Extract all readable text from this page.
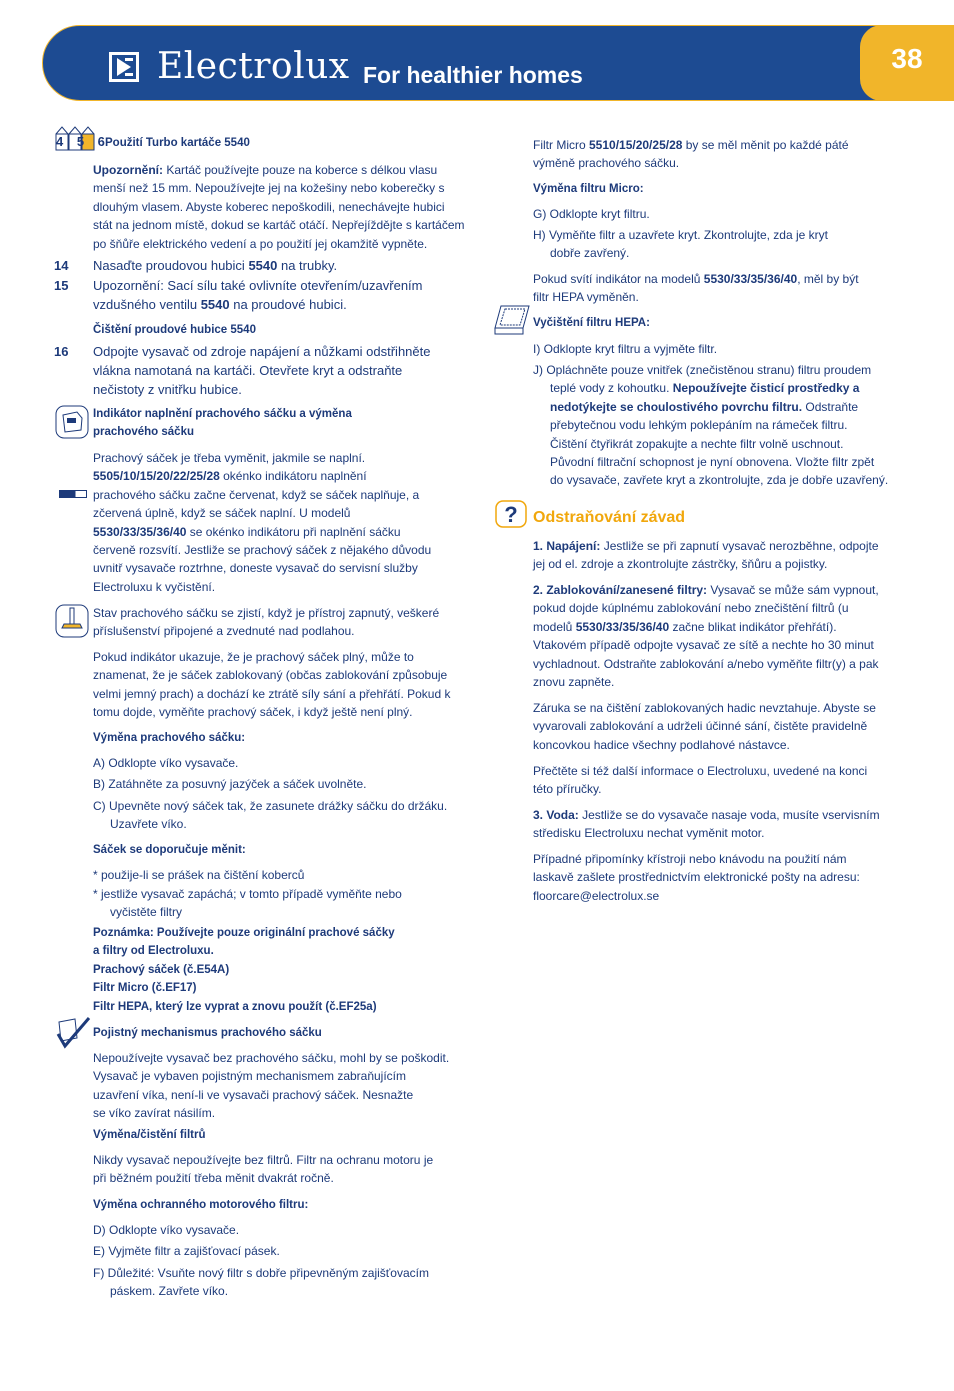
Electrolux For healthier homes
38
4 5 6

Použití Turbo kartáče 5540

Upozornění: Kartáč používejte pouze na koberce s délkou vlasu
menší než 15 mm. Nepoužívejte jej na kožešiny nebo koberečky s
dlouhým vlasem. Abyste koberec nepoškodili, nenechávejte hubici
stát na jednom místě, dokud se kartáč otáčí. Nepřejíždějte s kartáčem
po šňůře elektrického vedení a po použití jej okamžitě vypněte.

14 Nasaďte proudovou hubici 5540 na trubky.

15 Upozornění: Sací sílu také ovlivníte otevřením/uzavřením
vzdušného ventilu 5540 na proudové hubici.

Čištění proudové hubice 5540

16 Odpojte vysavač od zdroje napájení a nůžkami odstřihněte
vlákna namotaná na kartáči. Otevřete kryt a odstraňte
nečistoty z vnitřku hubice.

Indikátor naplnění prachového sáčku a výměna
prachového sáčku

Prachový sáček je třeba vyměnit, jakmile se naplní.
5505/10/15/20/22/25/28 okénko indikátoru naplnění
prachového sáčku začne červenat, když se sáček naplňuje, a
zčervená úplně, když se sáček naplní. U modelů
5530/33/35/36/40 se okénko indikátoru při naplnění sáčku
červeně rozsvítí. Jestliže se prachový sáček z nějakého důvodu
uvnitř vysavače roztrhne, doneste vysavač do servisní služby
Electroluxu k vyčistění.

Stav prachového sáčku se zjistí, když je přístroj zapnutý, veškeré
příslušenství připojené a zvednuté nad podlahou.

Pokud indikátor ukazuje, že je prachový sáček plný, může to
znamenat, že je sáček zablokovaný (občas zablokování způsobuje
velmi jemný prach) a dochází ke ztrátě síly sání a přehřátí. Pokud k
tomu dojde, vyměňte prachový sáček, i když ještě není plný.

Výměna prachového sáčku:

A) Odklopte víko vysavače.

B) Zatáhněte za posuvný jazýček a sáček uvolněte.

C) Upevněte nový sáček tak, že zasunete drážky sáčku do držáku.
Uzavřete víko.

Sáček se doporučuje měnit:

* použije-li se prášek na čištění koberců

* jestliže vysavač zapáchá; v tomto případě vyměňte nebo
vyčistěte filtry

Poznámka: Používejte pouze originální prachové sáčky
a filtry od Electroluxu.
Prachový sáček (č.E54A)
Filtr Micro (č.EF17)
Filtr HEPA, který lze vyprat a znovu použít (č.EF25a)

Pojistný mechanismus prachového sáčku

Nepoužívejte vysavač bez prachového sáčku, mohl by se poškodit.
Vysavač je vybaven pojistným mechanismem zabraňujícím
uzavření víka, není-li ve vysavači prachový sáček. Nesnažte
se víko zavírat násilím.

Výměna/čistění filtrů

Nikdy vysavač nepoužívejte bez filtrů. Filtr na ochranu motoru je
při běžném použití třeba měnit dvakrát ročně.

Výměna ochranného motorového filtru:

D) Odklopte víko vysavače.

E) Vyjměte filtr a zajišťovací pásek.

F) Důležité: Vsuňte nový filtr s dobře připevněným zajišťovacím
páskem. Zavřete víko.

Filtr Micro 5510/15/20/25/28 by se měl měnit po každé páté
výměně prachového sáčku.

Výměna filtru Micro:

G) Odklopte kryt filtru.

H) Vyměňte filtr a uzavřete kryt. Zkontrolujte, zda je kryt
dobře zavřený.

Pokud svítí indikátor na modelů 5530/33/35/36/40, měl by být
filtr HEPA vyměněn.

Vyčištění filtru HEPA:

I) Odklopte kryt filtru a vyjměte filtr.

J) Opláchněte pouze vnitřek (znečistěnou stranu) filtru proudem
teplé vody z kohoutku. Nepoužívejte čisticí prostředky a
nedotýkejte se choulostivého povrchu filtru. Odstraňte
přebytečnou vodu lehkým poklepáním na rámeček filtru.
Čištění čtyřikrát zopakujte a nechte filtr volně uschnout.
Původní filtrační schopnost je nyní obnovena. Vložte filtr zpět
do vysavače, zavřete kryt a zkontrolujte, zda je dobře uzavřený.

? Odstraňování závad

1. Napájení: Jestliže se při zapnutí vysavač nerozběhne, odpojte
jej od el. zdroje a zkontrolujte zástrčky, šňůru a pojistky.

2. Zablokování/zanesené filtry: Vysavač se může sám vypnout,
pokud dojde kúplnému zablokování nebo znečištění filtrů (u
modelů 5530/33/35/36/40 začne blikat indikátor přehřátí).
Vtakovém případě odpojte vysavač ze sítě a nechte ho 30 minut
vychladnout. Odstraňte zablokování a/nebo vyměňte filtr(y) a pak
znovu zapněte.

Záruka se na čištění zablokovaných hadic nevztahuje. Abyste se
vyvarovali zablokování a udrželi účinné sání, čistěte pravidelně
koncovkou hadice všechny podlahové nástavce.

Přečtěte si též další informace o Electroluxu, uvedené na konci
této příručky.

3. Voda: Jestliže se do vysavače nasaje voda, musíte vservisním
středisku Electroluxu nechat vyměnit motor.

Případné připomínky křístroji nebo knávodu na použití nám
laskavě zašlete prostřednictvím elektronické pošty na adresu:
floorcare@electrolux.se
